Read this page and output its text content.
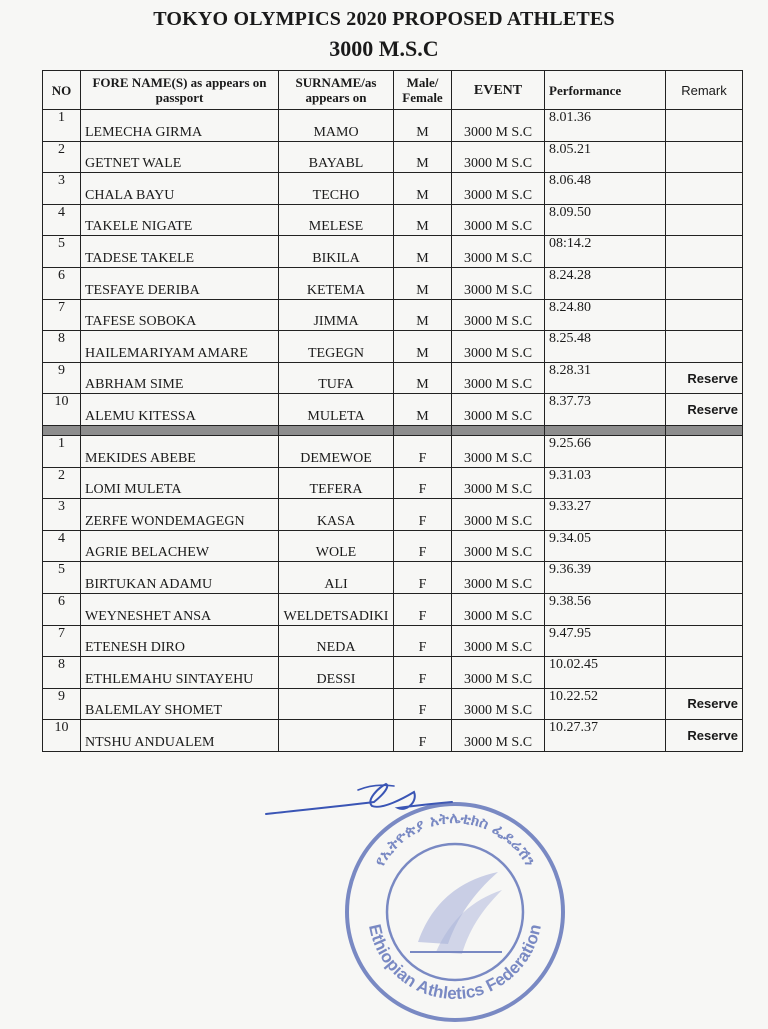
TOKYO OLYMPICS 2020 PROPOSED ATHLETES
3000 M.S.C
NO	FORE NAME(S) as appears on passport	SURNAME/as appears on	Male/ Female	EVENT	Performance	Remark
1	LEMECHA GIRMA	MAMO	M	3000 M S.C	8.01.36	
2	GETNET WALE	BAYABL	M	3000 M S.C	8.05.21	
3	CHALA BAYU	TECHO	M	3000 M S.C	8.06.48	
4	TAKELE NIGATE	MELESE	M	3000 M S.C	8.09.50	
5	TADESE TAKELE	BIKILA	M	3000 M S.C	08:14.2	
6	TESFAYE DERIBA	KETEMA	M	3000 M S.C	8.24.28	
7	TAFESE SOBOKA	JIMMA	M	3000 M S.C	8.24.80	
8	HAILEMARIYAM AMARE	TEGEGN	M	3000 M S.C	8.25.48	
9	ABRHAM SIME	TUFA	M	3000 M S.C	8.28.31	Reserve
10	ALEMU KITESSA	MULETA	M	3000 M S.C	8.37.73	Reserve

1	MEKIDES ABEBE	DEMEWOE	F	3000 M S.C	9.25.66	
2	LOMI MULETA	TEFERA	F	3000 M S.C	9.31.03	
3	ZERFE WONDEMAGEGN	KASA	F	3000 M S.C	9.33.27	
4	AGRIE BELACHEW	WOLE	F	3000 M S.C	9.34.05	
5	BIRTUKAN ADAMU	ALI	F	3000 M S.C	9.36.39	
6	WEYNESHET ANSA	WELDETSADIKI	F	3000 M S.C	9.38.56	
7	ETENESH DIRO	NEDA	F	3000 M S.C	9.47.95	
8	ETHLEMAHU SINTAYEHU	DESSI	F	3000 M S.C	10.02.45	
9	BALEMLAY SHOMET		F	3000 M S.C	10.22.52	Reserve
10	NTSHU ANDUALEM		F	3000 M S.C	10.27.37	Reserve
የኢትዮጵያ አትሌቲክስ ፌዴሬሽን
Ethiopian Athletics Federation
